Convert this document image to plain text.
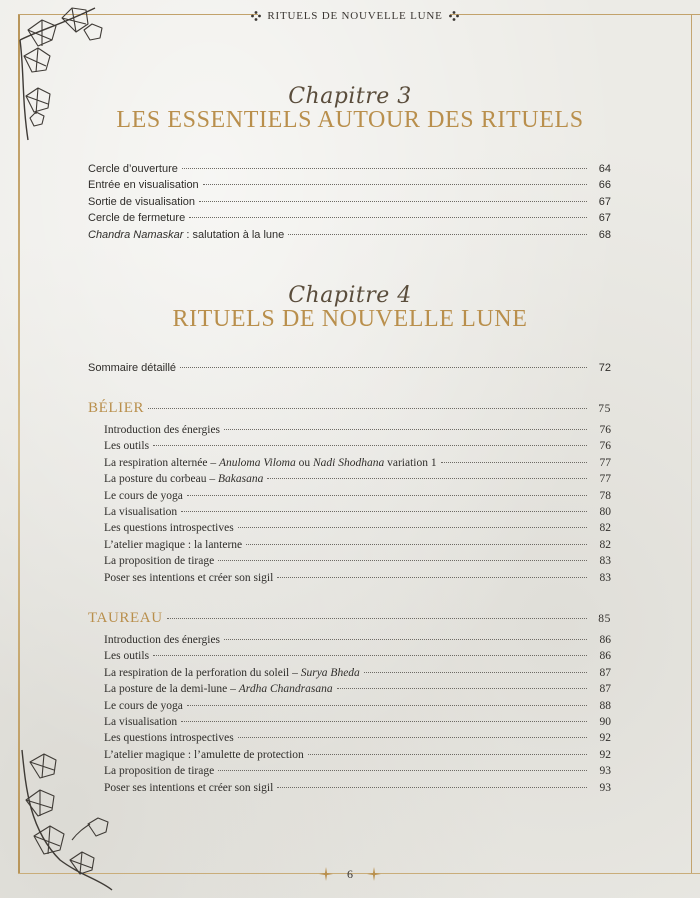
RITUELS DE NOUVELLE LUNE
Chapitre 3
LES ESSENTIELS AUTOUR DES RITUELS
Cercle d’ouverture	64
Entrée en visualisation	66
Sortie de visualisation	67
Cercle de fermeture	67
Chandra Namaskar : salutation à la lune	68
Chapitre 4
RITUELS DE NOUVELLE LUNE
Sommaire détaillé	72
BÉLIER	75
Introduction des énergies	76
Les outils	76
La respiration alternée – Anuloma Viloma ou Nadi Shodhana variation 1	77
La posture du corbeau – Bakasana	77
Le cours de yoga	78
La visualisation	80
Les questions introspectives	82
L’atelier magique : la lanterne	82
La proposition de tirage	83
Poser ses intentions et créer son sigil	83
TAUREAU	85
Introduction des énergies	86
Les outils	86
La respiration de la perforation du soleil – Surya Bheda	87
La posture de la demi-lune – Ardha Chandrasana	87
Le cours de yoga	88
La visualisation	90
Les questions introspectives	92
L’atelier magique : l’amulette de protection	92
La proposition de tirage	93
Poser ses intentions et créer son sigil	93
6
